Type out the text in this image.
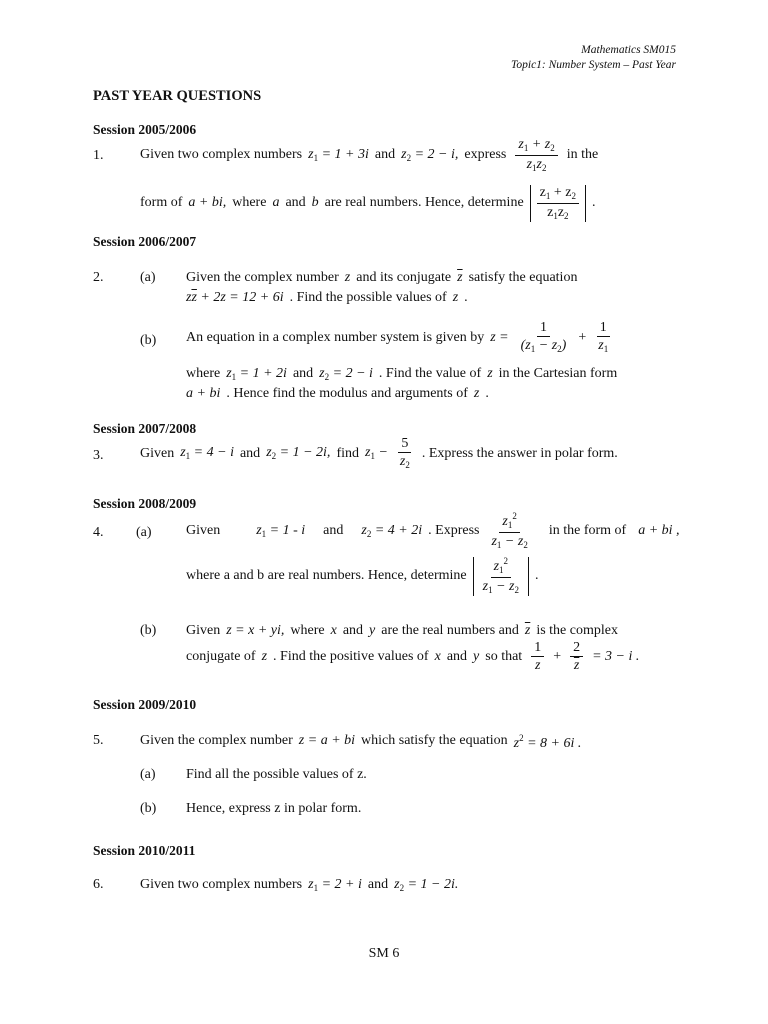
Mathematics SM015
Topic1: Number System – Past Year
PAST YEAR QUESTIONS
Session 2005/2006
1.	Given two complex numbers $z_1 = 1 + 3i$ and $z_2 = 2 - i$, express $\frac{z_1 + z_2}{z_1z_2}$ in the
form of a + bi, where a and b are real numbers. Hence, determine $\frac{z_1 + z_2}{z_1z_2}$ .
Session 2006/2007
2.	(a) Given the complex number z and its conjugate $\overline{z}$ satisfy the equation
$z\overline{z} + 2z = 12 + 6i$ . Find the possible values of z .
(b) An equation in a complex number system is given by $z = \frac{1}{(z_1 - z_2)} + \frac{1}{z_1}$
where $z_1 = 1 + 2i$ and $z_2 = 2 - i$ . Find the value of z in the Cartesian form
a + bi . Hence find the modulus and arguments of z .
Session 2007/2008
3.	Given $z_1 = 4 - i$ and $z_2 = 1 - 2i$, find $z_1 - \frac{5}{z_2}$ . Express the answer in polar form.
Session 2008/2009
4. (a) Given	$z_1 = 1 - i$ and $z_2 = 4 + 2i$ . Express $\frac{z_1^2}{z_1 - z_2}$ in the form of a + bi ,
where a and b are real numbers. Hence, determine $\frac{z_1^2}{z_1 - z_2}$ .
(b) Given z = x + yi, where x and y are the real numbers and $\overline{z}$ is the complex
conjugate of z . Find the positive values of x and y so that $\frac{1}{z} + \frac{2}{z} = 3 - i$ .
Session 2009/2010
5.	Given the complex number z = a + bi which satisfy the equation $z^2 = 8 + 6i$ .
(a) Find all the possible values of z.
(b) Hence, express z in polar form.
Session 2010/2011
6.	Given two complex numbers $z_1 = 2 + i$ and $z_2 = 1 - 2i$.
SM 6
